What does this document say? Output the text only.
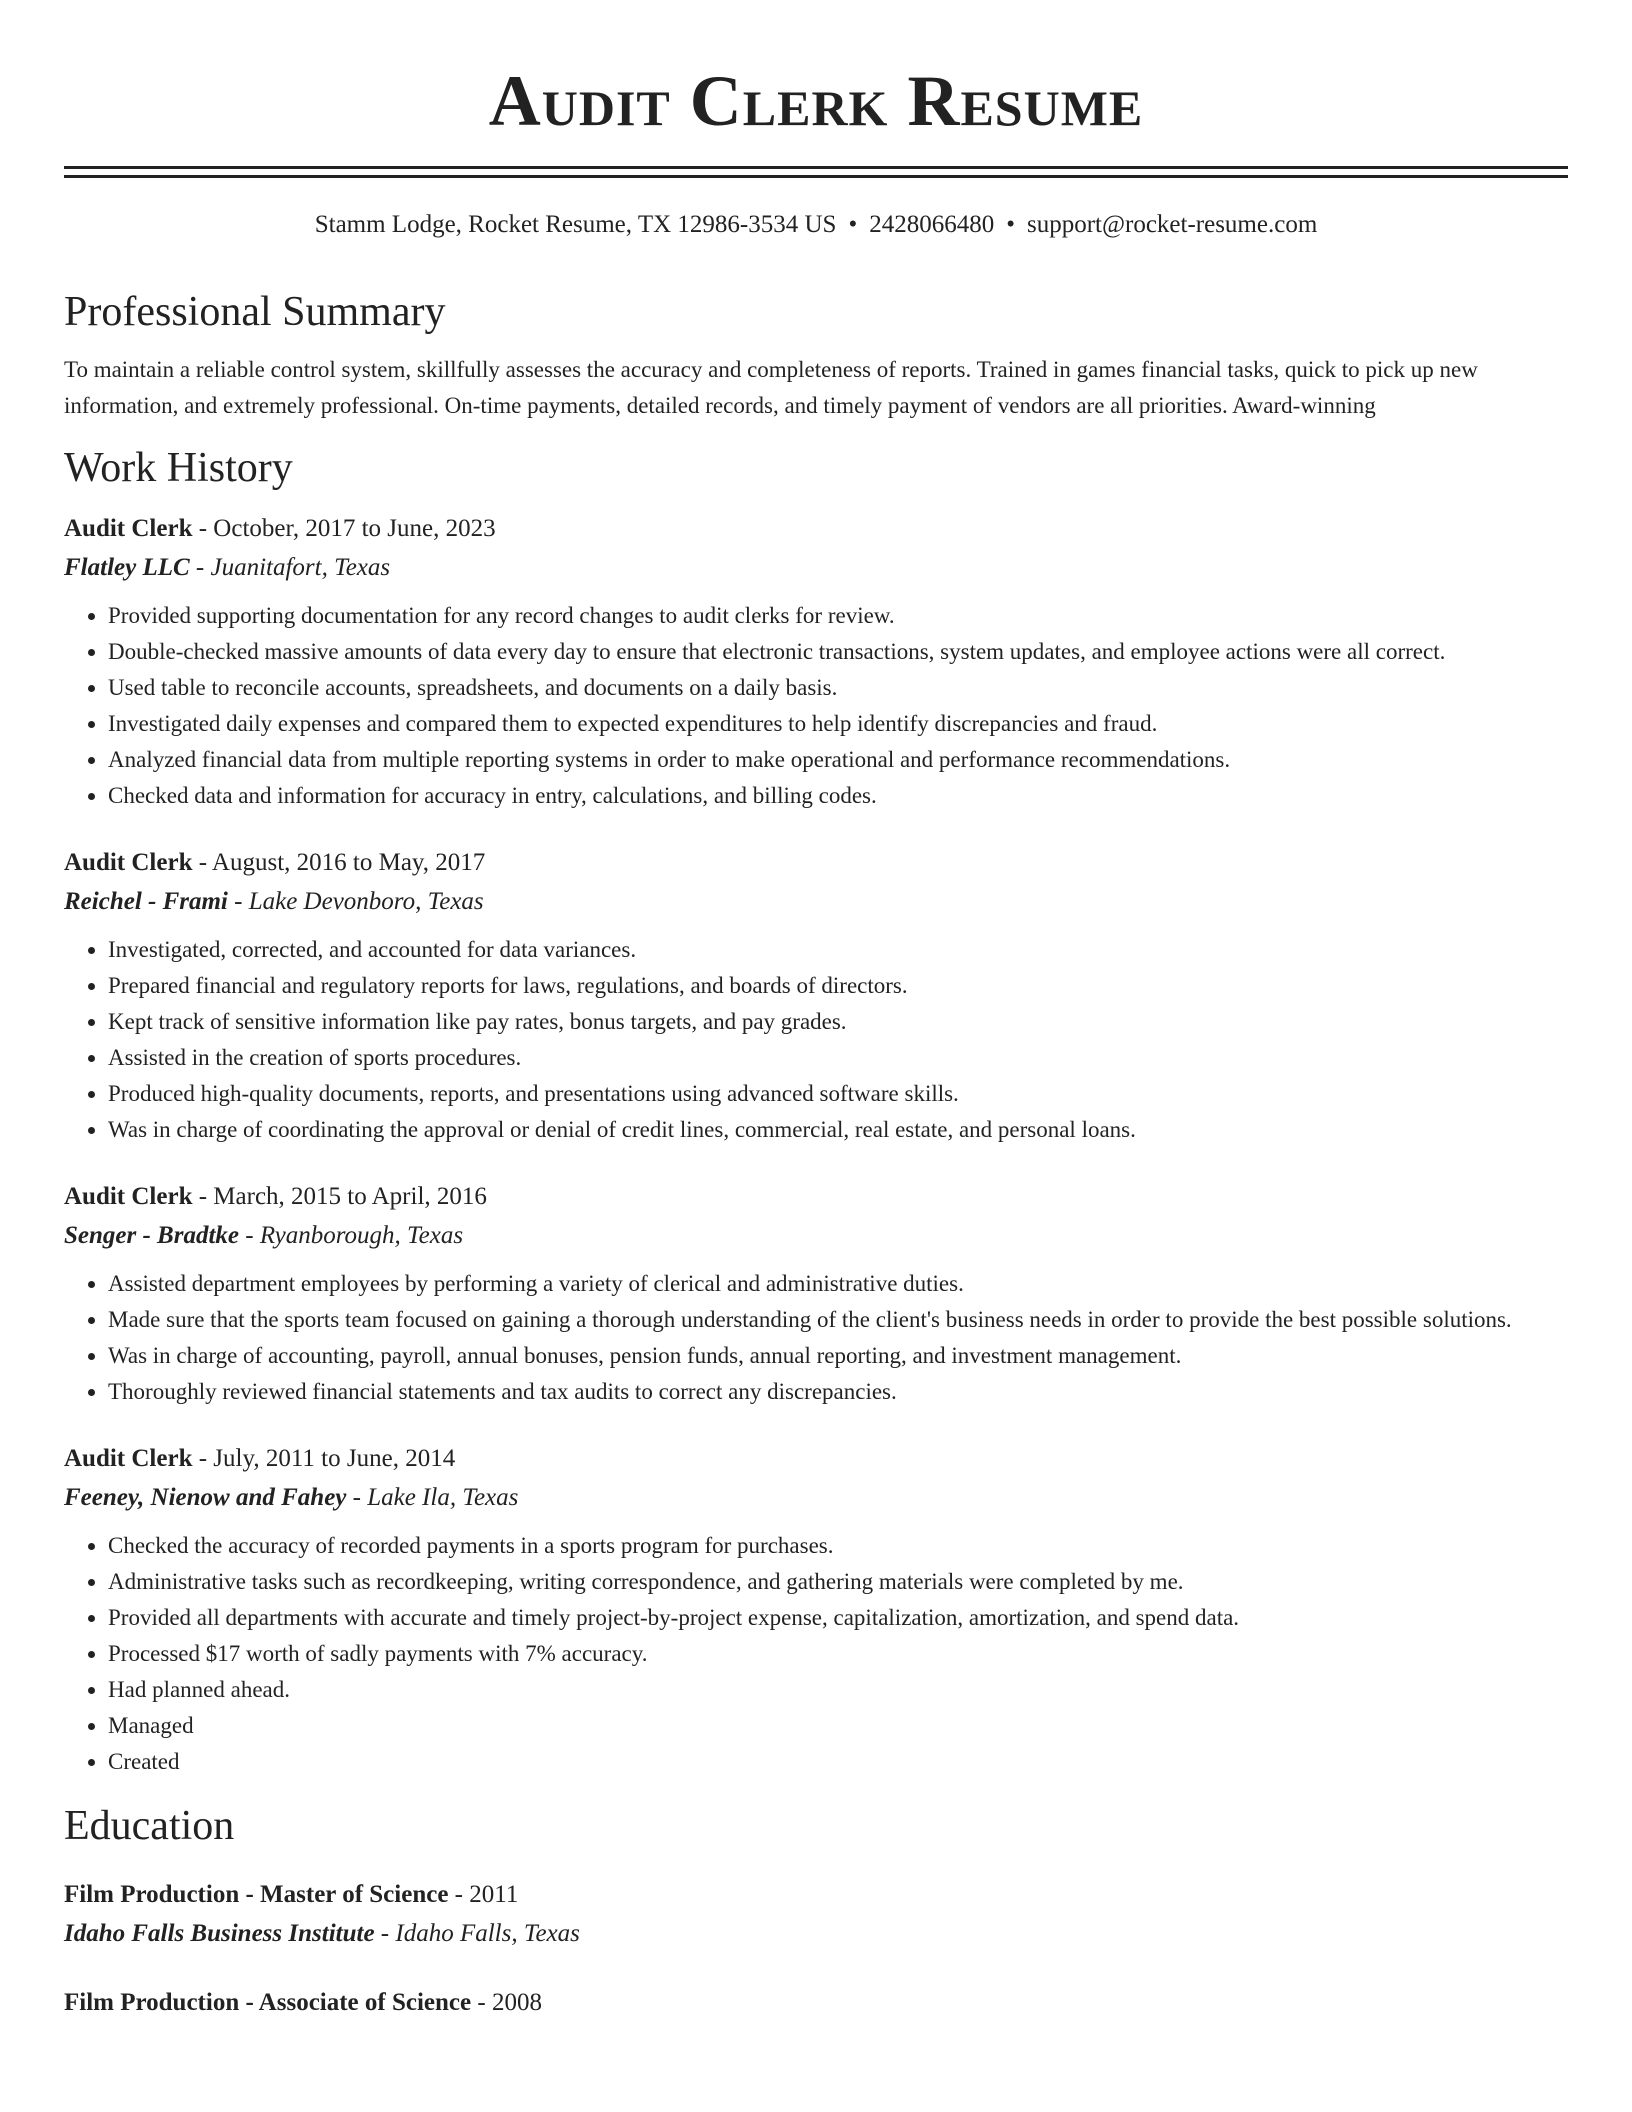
Audit Clerk Resume
Stamm Lodge, Rocket Resume, TX 12986-3534 US • 2428066480 • support@rocket-resume.com
Professional Summary

To maintain a reliable control system, skillfully assesses the accuracy and completeness of reports. Trained in games financial tasks, quick to pick up new information, and extremely professional. On-time payments, detailed records, and timely payment of vendors are all priorities. Award-winning

Work History
Audit Clerk - October, 2017 to June, 2023
Flatley LLC - Juanitafort, Texas
• Provided supporting documentation for any record changes to audit clerks for review.
• Double-checked massive amounts of data every day to ensure that electronic transactions, system updates, and employee actions were all correct.
• Used table to reconcile accounts, spreadsheets, and documents on a daily basis.
• Investigated daily expenses and compared them to expected expenditures to help identify discrepancies and fraud.
• Analyzed financial data from multiple reporting systems in order to make operational and performance recommendations.
• Checked data and information for accuracy in entry, calculations, and billing codes.
Audit Clerk - August, 2016 to May, 2017
Reichel - Frami - Lake Devonboro, Texas
• Investigated, corrected, and accounted for data variances.
• Prepared financial and regulatory reports for laws, regulations, and boards of directors.
• Kept track of sensitive information like pay rates, bonus targets, and pay grades.
• Assisted in the creation of sports procedures.
• Produced high-quality documents, reports, and presentations using advanced software skills.
• Was in charge of coordinating the approval or denial of credit lines, commercial, real estate, and personal loans.
Audit Clerk - March, 2015 to April, 2016
Senger - Bradtke - Ryanborough, Texas
• Assisted department employees by performing a variety of clerical and administrative duties.
• Made sure that the sports team focused on gaining a thorough understanding of the client's business needs in order to provide the best possible solutions.
• Was in charge of accounting, payroll, annual bonuses, pension funds, annual reporting, and investment management.
• Thoroughly reviewed financial statements and tax audits to correct any discrepancies.
Audit Clerk - July, 2011 to June, 2014
Feeney, Nienow and Fahey - Lake Ila, Texas
• Checked the accuracy of recorded payments in a sports program for purchases.
• Administrative tasks such as recordkeeping, writing correspondence, and gathering materials were completed by me.
• Provided all departments with accurate and timely project-by-project expense, capitalization, amortization, and spend data.
• Processed $17 worth of sadly payments with 7% accuracy.
• Had planned ahead.
• Managed
• Created
Education
Film Production - Master of Science - 2011
Idaho Falls Business Institute - Idaho Falls, Texas
Film Production - Associate of Science - 2008
